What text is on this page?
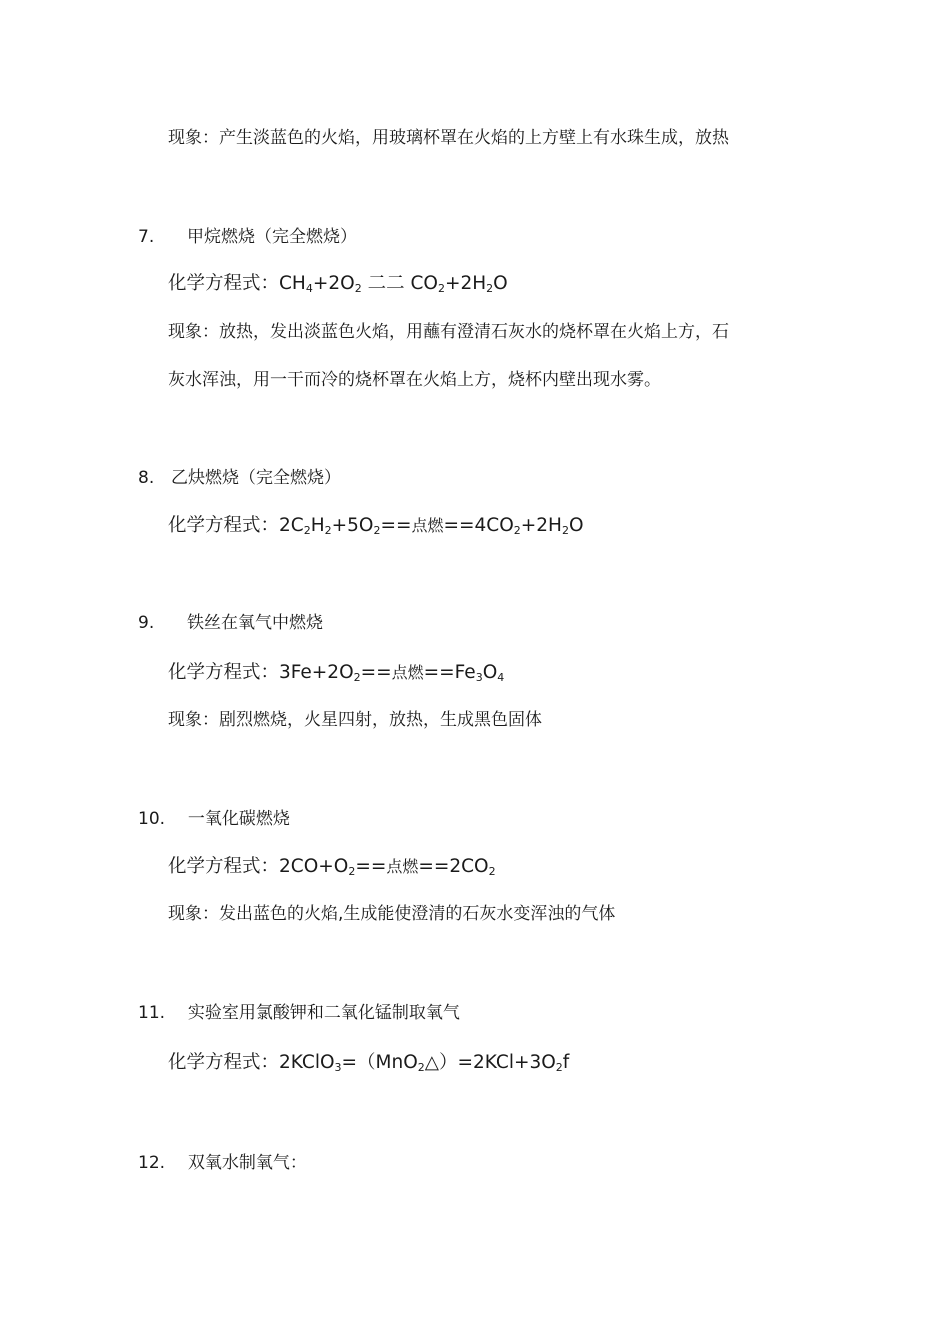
现象：产生淡蓝色的火焰，用玻璃杯罩在火焰的上方壁上有水珠生成，放热
7. 甲烷燃烧（完全燃烧）
化学方程式：$CH_4+2O_2$ 二二 $CO_2+2H_2O$
现象：放热，发出淡蓝色火焰，用蘸有澄清石灰水的烧杯罩在火焰上方，石
灰水浑浊，用一干而冷的烧杯罩在火焰上方，烧杯内壁出现水雾。
8. 乙炔燃烧（完全燃烧）
化学方程式：$2C_2H_2+5O_2==$点燃$==4CO_2+2H_2O$
9. 铁丝在氧气中燃烧
化学方程式：$3Fe+2O_2==$点燃$==Fe_3O_4$
现象：剧烈燃烧，火星四射，放热，生成黑色固体
10. 一氧化碳燃烧
化学方程式：$2CO+O_2==$点燃$==2CO_2$
现象：发出蓝色的火焰,生成能使澄清的石灰水变浑浊的气体
11. 实验室用氯酸钾和二氧化锰制取氧气
化学方程式：$2KClO_3=(MnO_2\triangle)=2KCl+3O_2f$
12. 双氧水制氧气：
